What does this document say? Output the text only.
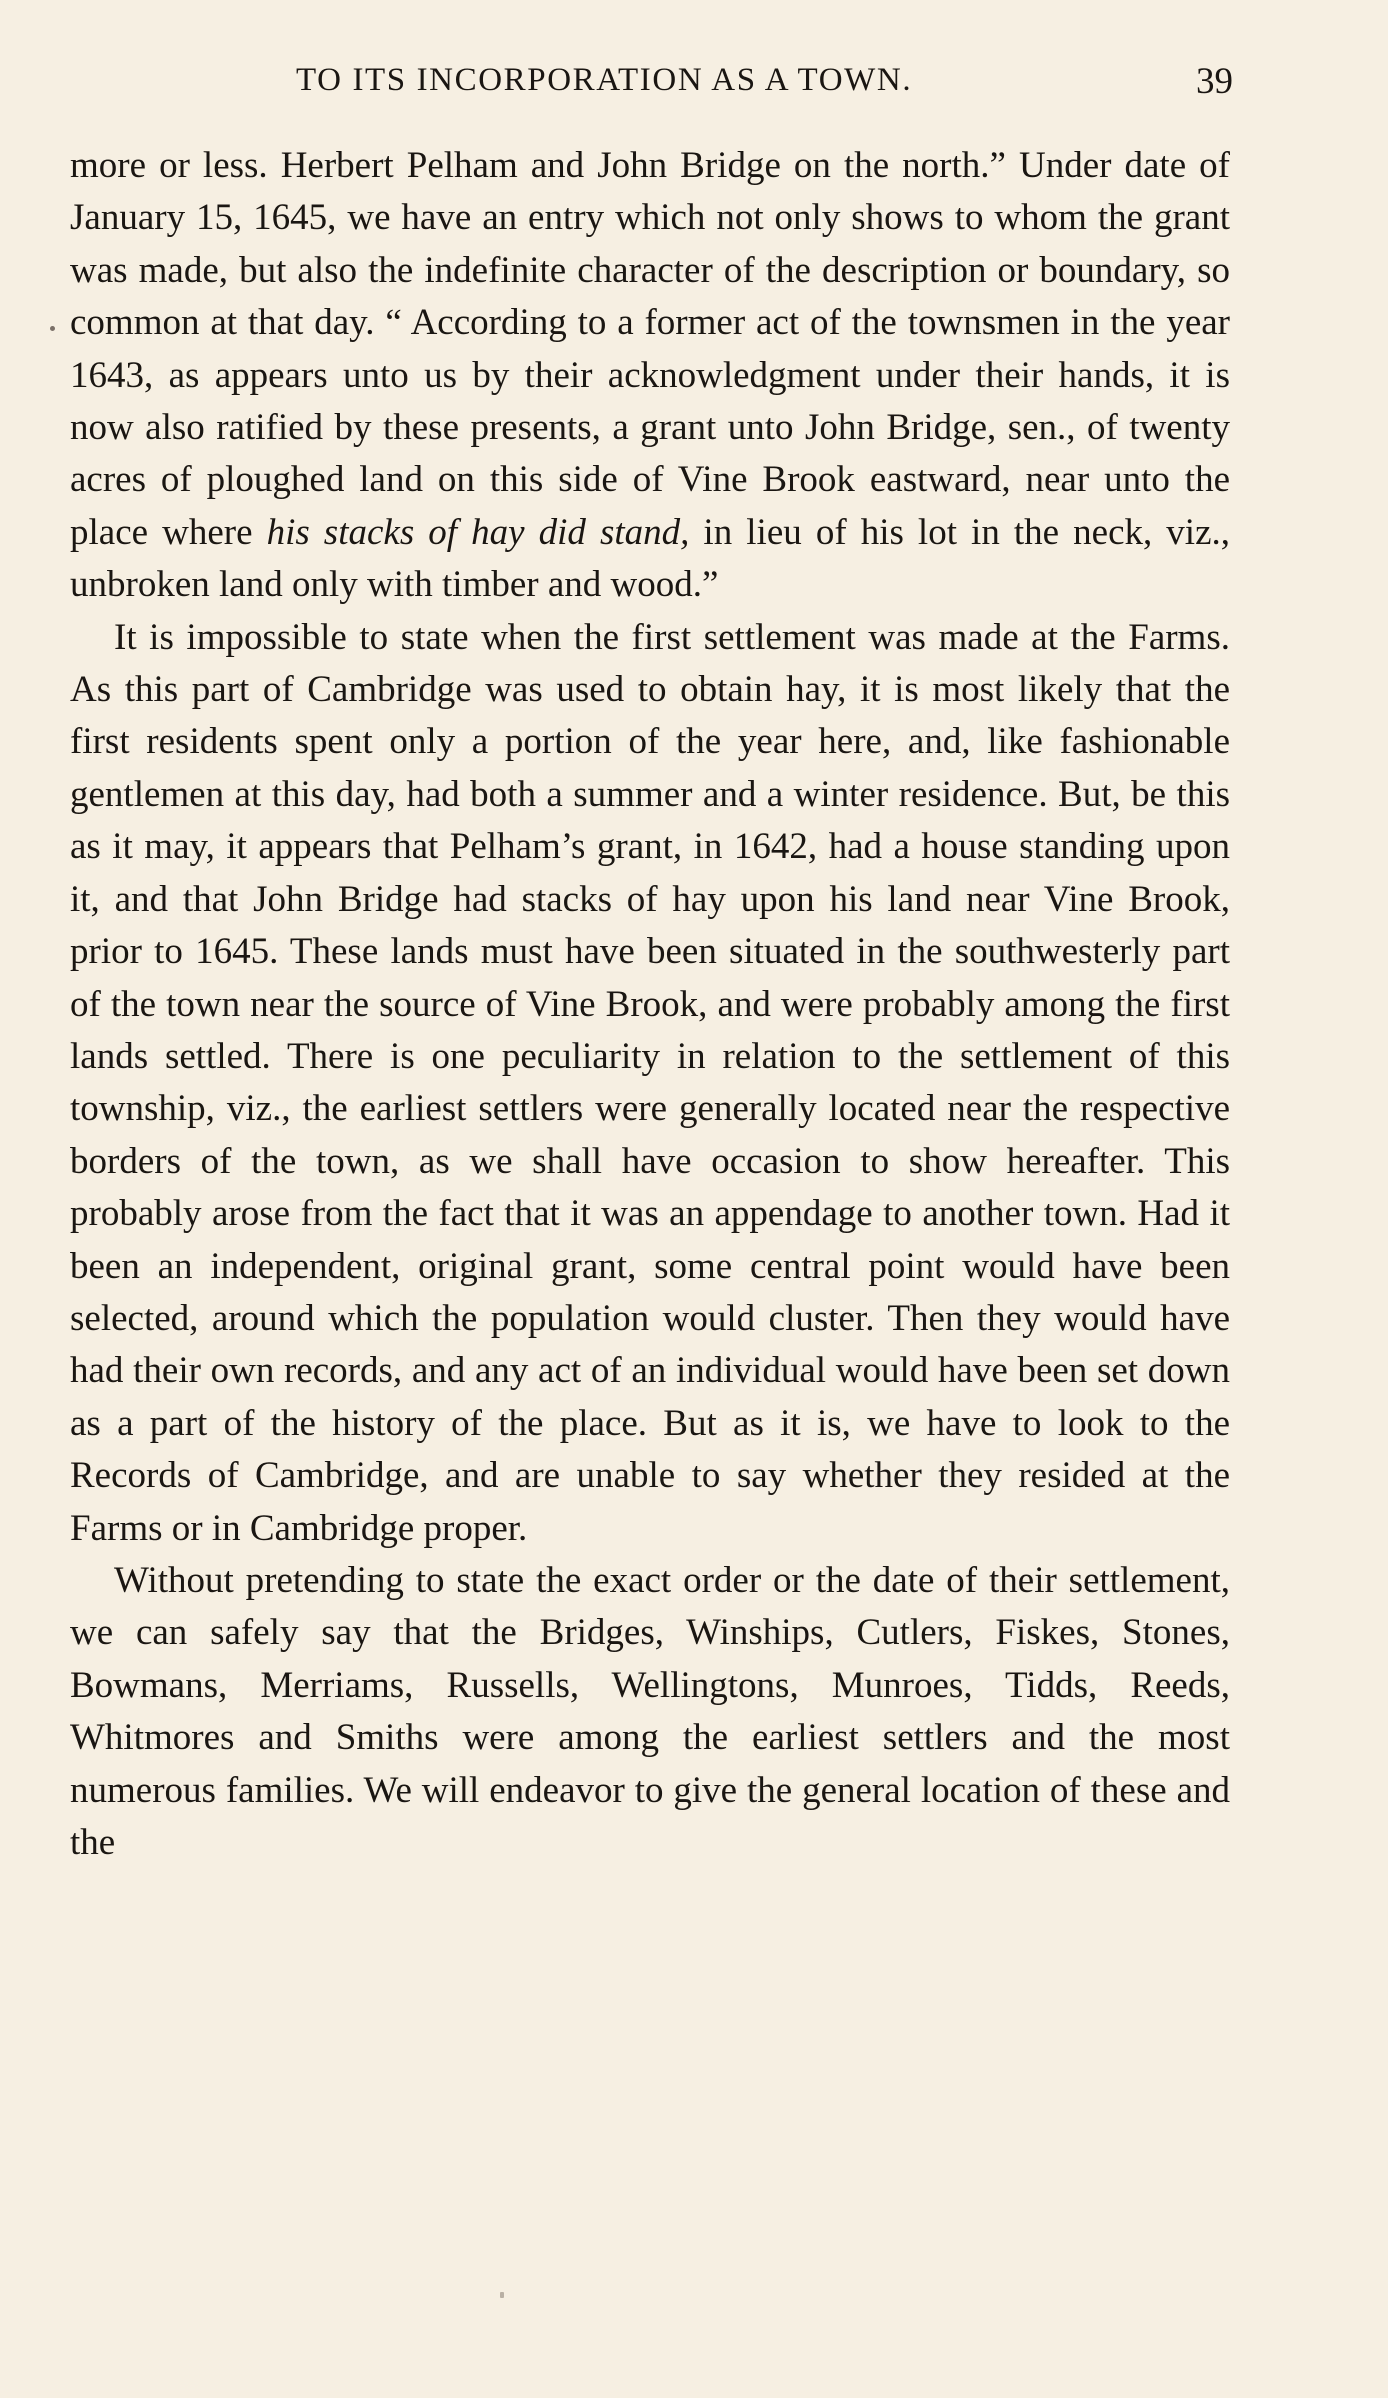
TO ITS INCORPORATION AS A TOWN.	39

more or less. Herbert Pelham and John Bridge on the north.” Under date of January 15, 1645, we have an entry which not only shows to whom the grant was made, but also the indefinite character of the description or boundary, so common at that day. “ According to a former act of the townsmen in the year 1643, as appears unto us by their acknowledgment under their hands, it is now also ratified by these presents, a grant unto John Bridge, sen., of twenty acres of ploughed land on this side of Vine Brook eastward, near unto the place where his stacks of hay did stand, in lieu of his lot in the neck, viz., unbroken land only with timber and wood.”

It is impossible to state when the first settlement was made at the Farms. As this part of Cambridge was used to obtain hay, it is most likely that the first residents spent only a portion of the year here, and, like fashionable gentlemen at this day, had both a summer and a winter residence. But, be this as it may, it appears that Pelham’s grant, in 1642, had a house standing upon it, and that John Bridge had stacks of hay upon his land near Vine Brook, prior to 1645. These lands must have been situated in the southwesterly part of the town near the source of Vine Brook, and were probably among the first lands settled. There is one peculiarity in relation to the settlement of this township, viz., the earliest settlers were generally located near the respective borders of the town, as we shall have occasion to show hereafter. This probably arose from the fact that it was an appendage to another town. Had it been an independent, original grant, some central point would have been selected, around which the population would cluster. Then they would have had their own records, and any act of an individual would have been set down as a part of the history of the place. But as it is, we have to look to the Records of Cambridge, and are unable to say whether they resided at the Farms or in Cambridge proper.

Without pretending to state the exact order or the date of their settlement, we can safely say that the Bridges, Winships, Cutlers, Fiskes, Stones, Bowmans, Merriams, Russells, Wellingtons, Munroes, Tidds, Reeds, Whitmores and Smiths were among the earliest settlers and the most numerous families. We will endeavor to give the general location of these and the
